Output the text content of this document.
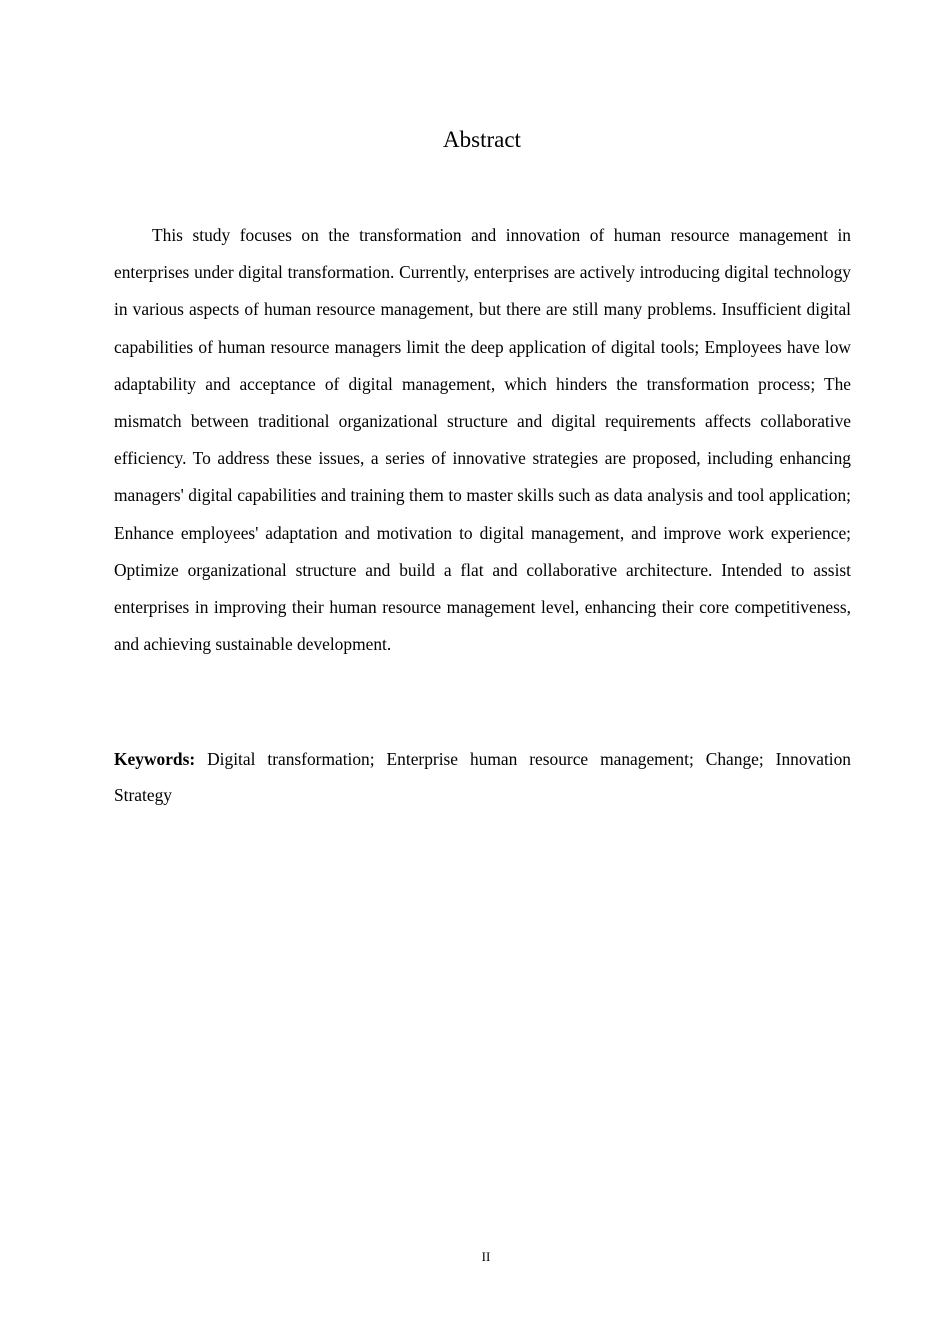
Abstract

This study focuses on the transformation and innovation of human resource management in enterprises under digital transformation. Currently, enterprises are actively introducing digital technology in various aspects of human resource management, but there are still many problems. Insufficient digital capabilities of human resource managers limit the deep application of digital tools; Employees have low adaptability and acceptance of digital management, which hinders the transformation process; The mismatch between traditional organizational structure and digital requirements affects collaborative efficiency. To address these issues, a series of innovative strategies are proposed, including enhancing managers' digital capabilities and training them to master skills such as data analysis and tool application; Enhance employees' adaptation and motivation to digital management, and improve work experience; Optimize organizational structure and build a flat and collaborative architecture. Intended to assist enterprises in improving their human resource management level, enhancing their core competitiveness, and achieving sustainable development.

Keywords: Digital transformation; Enterprise human resource management; Change; Innovation Strategy

II
